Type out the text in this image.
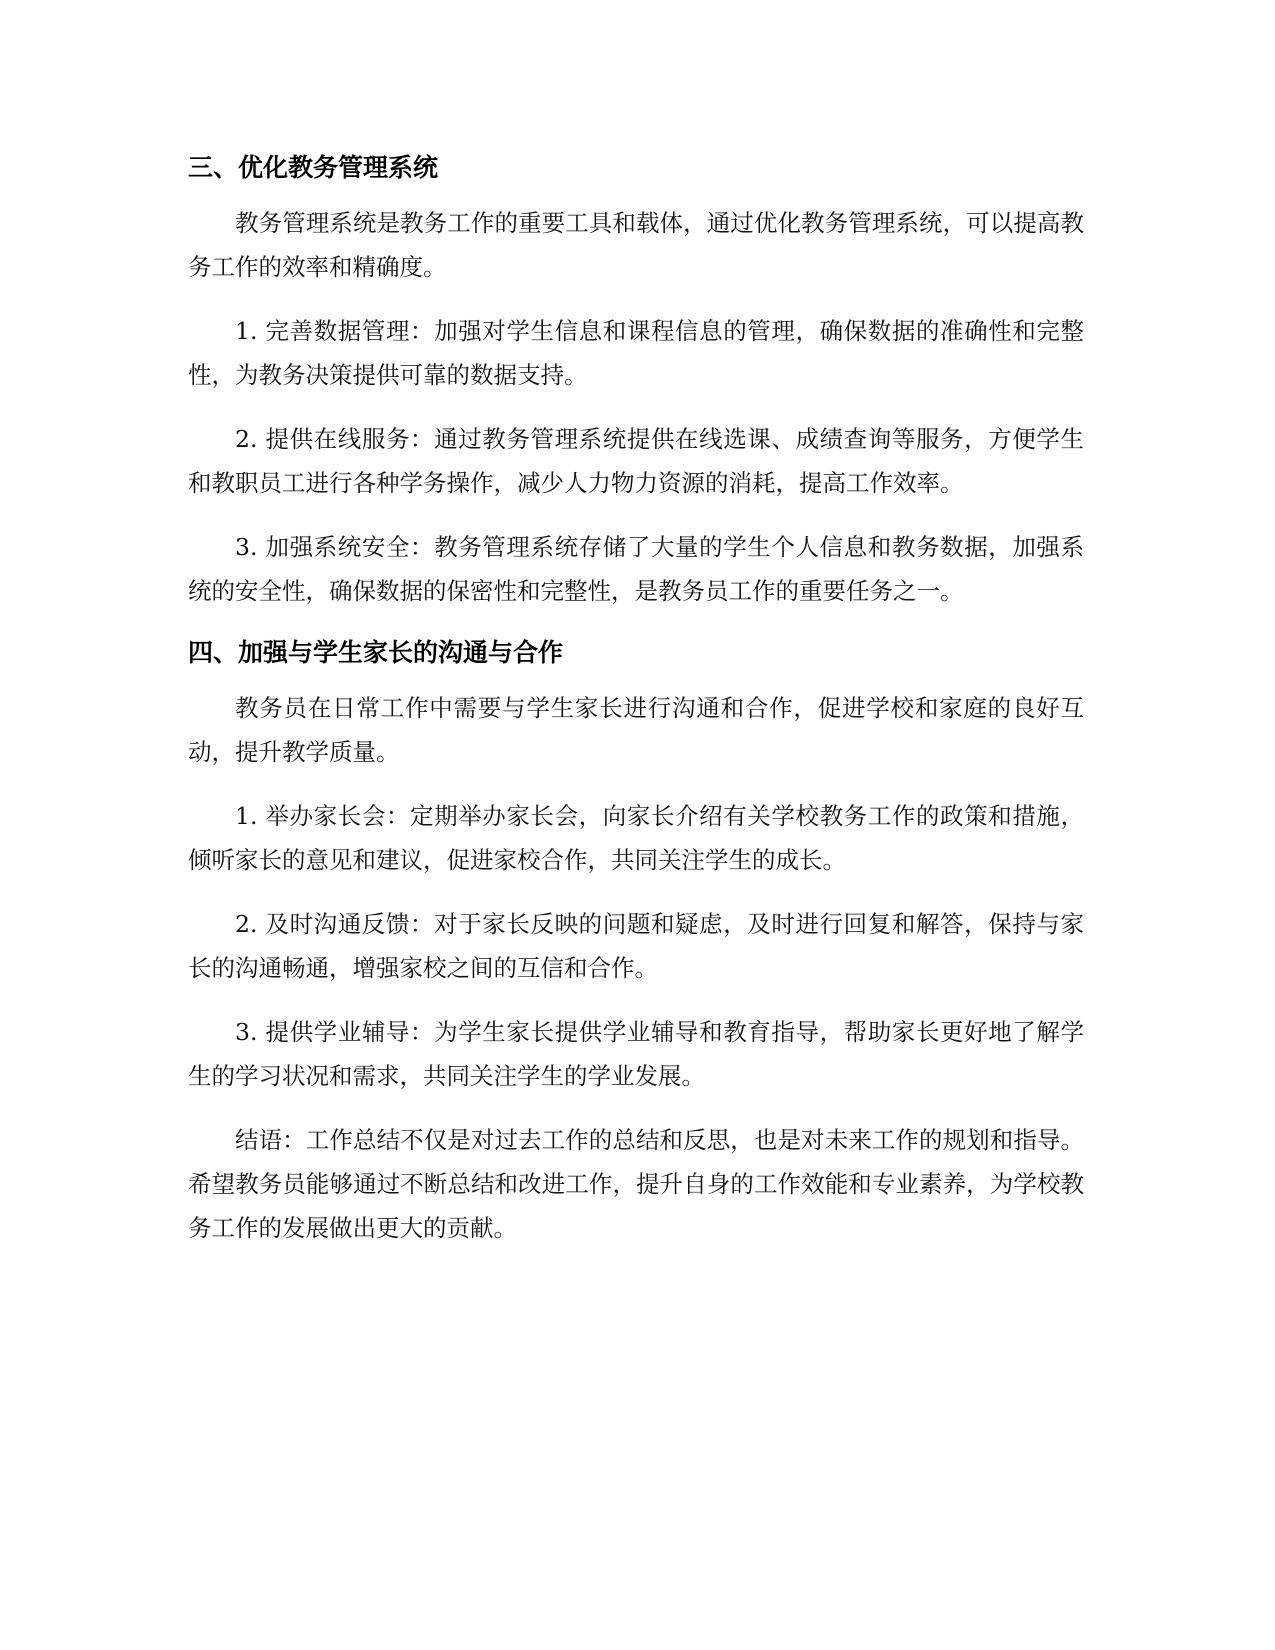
三、优化教务管理系统

教务管理系统是教务工作的重要工具和载体，通过优化教务管理系统，可以提高教务工作的效率和精确度。

1. 完善数据管理：加强对学生信息和课程信息的管理，确保数据的准确性和完整性，为教务决策提供可靠的数据支持。

2. 提供在线服务：通过教务管理系统提供在线选课、成绩查询等服务，方便学生和教职员工进行各种学务操作，减少人力物力资源的消耗，提高工作效率。

3. 加强系统安全：教务管理系统存储了大量的学生个人信息和教务数据，加强系统的安全性，确保数据的保密性和完整性，是教务员工作的重要任务之一。

四、加强与学生家长的沟通与合作

教务员在日常工作中需要与学生家长进行沟通和合作，促进学校和家庭的良好互动，提升教学质量。

1. 举办家长会：定期举办家长会，向家长介绍有关学校教务工作的政策和措施，倾听家长的意见和建议，促进家校合作，共同关注学生的成长。

2. 及时沟通反馈：对于家长反映的问题和疑虑，及时进行回复和解答，保持与家长的沟通畅通，增强家校之间的互信和合作。

3. 提供学业辅导：为学生家长提供学业辅导和教育指导，帮助家长更好地了解学生的学习状况和需求，共同关注学生的学业发展。

结语：工作总结不仅是对过去工作的总结和反思，也是对未来工作的规划和指导。希望教务员能够通过不断总结和改进工作，提升自身的工作效能和专业素养，为学校教务工作的发展做出更大的贡献。
